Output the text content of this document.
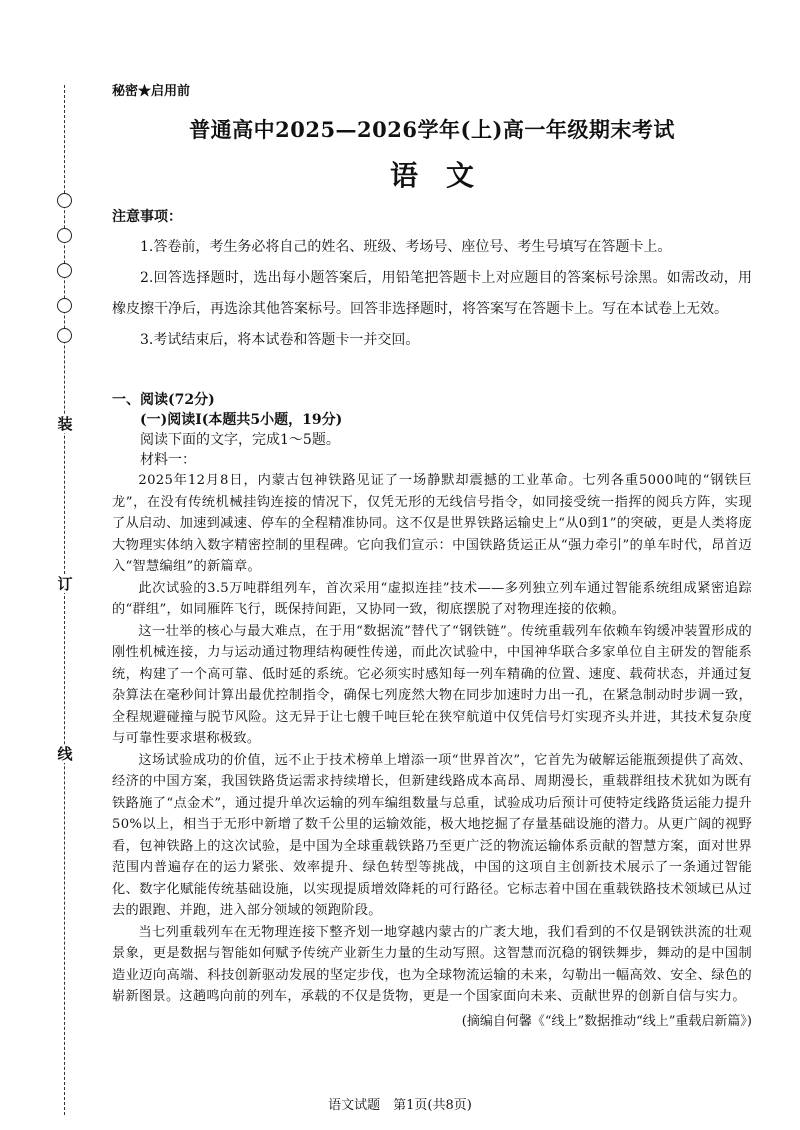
装
订
线
秘密★启用前
普通高中2025—2026学年(上)高一年级期末考试
语文
注意事项：

1.答卷前，考生务必将自己的姓名、班级、考场号、座位号、考生号填写在答题卡上。

2.回答选择题时，选出每小题答案后，用铅笔把答题卡上对应题目的答案标号涂黑。如需改动，用橡皮擦干净后，再选涂其他答案标号。回答非选择题时，将答案写在答题卡上。写在本试卷上无效。

3.考试结束后，将本试卷和答题卡一并交回。

一、阅读(72分)
(一)阅读Ⅰ(本题共5小题，19分)
阅读下面的文字，完成1～5题。
材料一：

2025年12月8日，内蒙古包神铁路见证了一场静默却震撼的工业革命。七列各重5000吨的“钢铁巨龙”，在没有传统机械挂钩连接的情况下，仅凭无形的无线信号指令，如同接受统一指挥的阅兵方阵，实现了从启动、加速到减速、停车的全程精准协同。这不仅是世界铁路运输史上“从0到1”的突破，更是人类将庞大物理实体纳入数字精密控制的里程碑。它向我们宣示：中国铁路货运正从“强力牵引”的单车时代，昂首迈入“智慧编组”的新篇章。

此次试验的3.5万吨群组列车，首次采用“虚拟连挂”技术——多列独立列车通过智能系统组成紧密追踪的“群组”，如同雁阵飞行，既保持间距，又协同一致，彻底摆脱了对物理连接的依赖。

这一壮举的核心与最大难点，在于用“数据流”替代了“钢铁链”。传统重载列车依赖车钩缓冲装置形成的刚性机械连接，力与运动通过物理结构硬性传递，而此次试验中，中国神华联合多家单位自主研发的智能系统，构建了一个高可靠、低时延的系统。它必须实时感知每一列车精确的位置、速度、载荷状态，并通过复杂算法在毫秒间计算出最优控制指令，确保七列庞然大物在同步加速时力出一孔，在紧急制动时步调一致，全程规避碰撞与脱节风险。这无异于让七艘千吨巨轮在狭窄航道中仅凭信号灯实现齐头并进，其技术复杂度与可靠性要求堪称极致。

这场试验成功的价值，远不止于技术榜单上增添一项“世界首次”，它首先为破解运能瓶颈提供了高效、经济的中国方案，我国铁路货运需求持续增长，但新建线路成本高昂、周期漫长，重载群组技术犹如为既有铁路施了“点金术”，通过提升单次运输的列车编组数量与总重，试验成功后预计可使特定线路货运能力提升50%以上，相当于无形中新增了数千公里的运输效能，极大地挖掘了存量基础设施的潜力。从更广阔的视野看，包神铁路上的这次试验，是中国为全球重载铁路乃至更广泛的物流运输体系贡献的智慧方案，面对世界范围内普遍存在的运力紧张、效率提升、绿色转型等挑战，中国的这项自主创新技术展示了一条通过智能化、数字化赋能传统基础设施，以实现提质增效降耗的可行路径。它标志着中国在重载铁路技术领域已从过去的跟跑、并跑，进入部分领域的领跑阶段。

当七列重载列车在无物理连接下整齐划一地穿越内蒙古的广袤大地，我们看到的不仅是钢铁洪流的壮观景象，更是数据与智能如何赋予传统产业新生力量的生动写照。这智慧而沉稳的钢铁舞步，舞动的是中国制造业迈向高端、科技创新驱动发展的坚定步伐，也为全球物流运输的未来，勾勒出一幅高效、安全、绿色的崭新图景。这趟鸣向前的列车，承载的不仅是货物，更是一个国家面向未来、贡献世界的创新自信与实力。

(摘编自何馨《“线上”数据推动“线上”重载启新篇》)
语文试题　第1页(共8页)
